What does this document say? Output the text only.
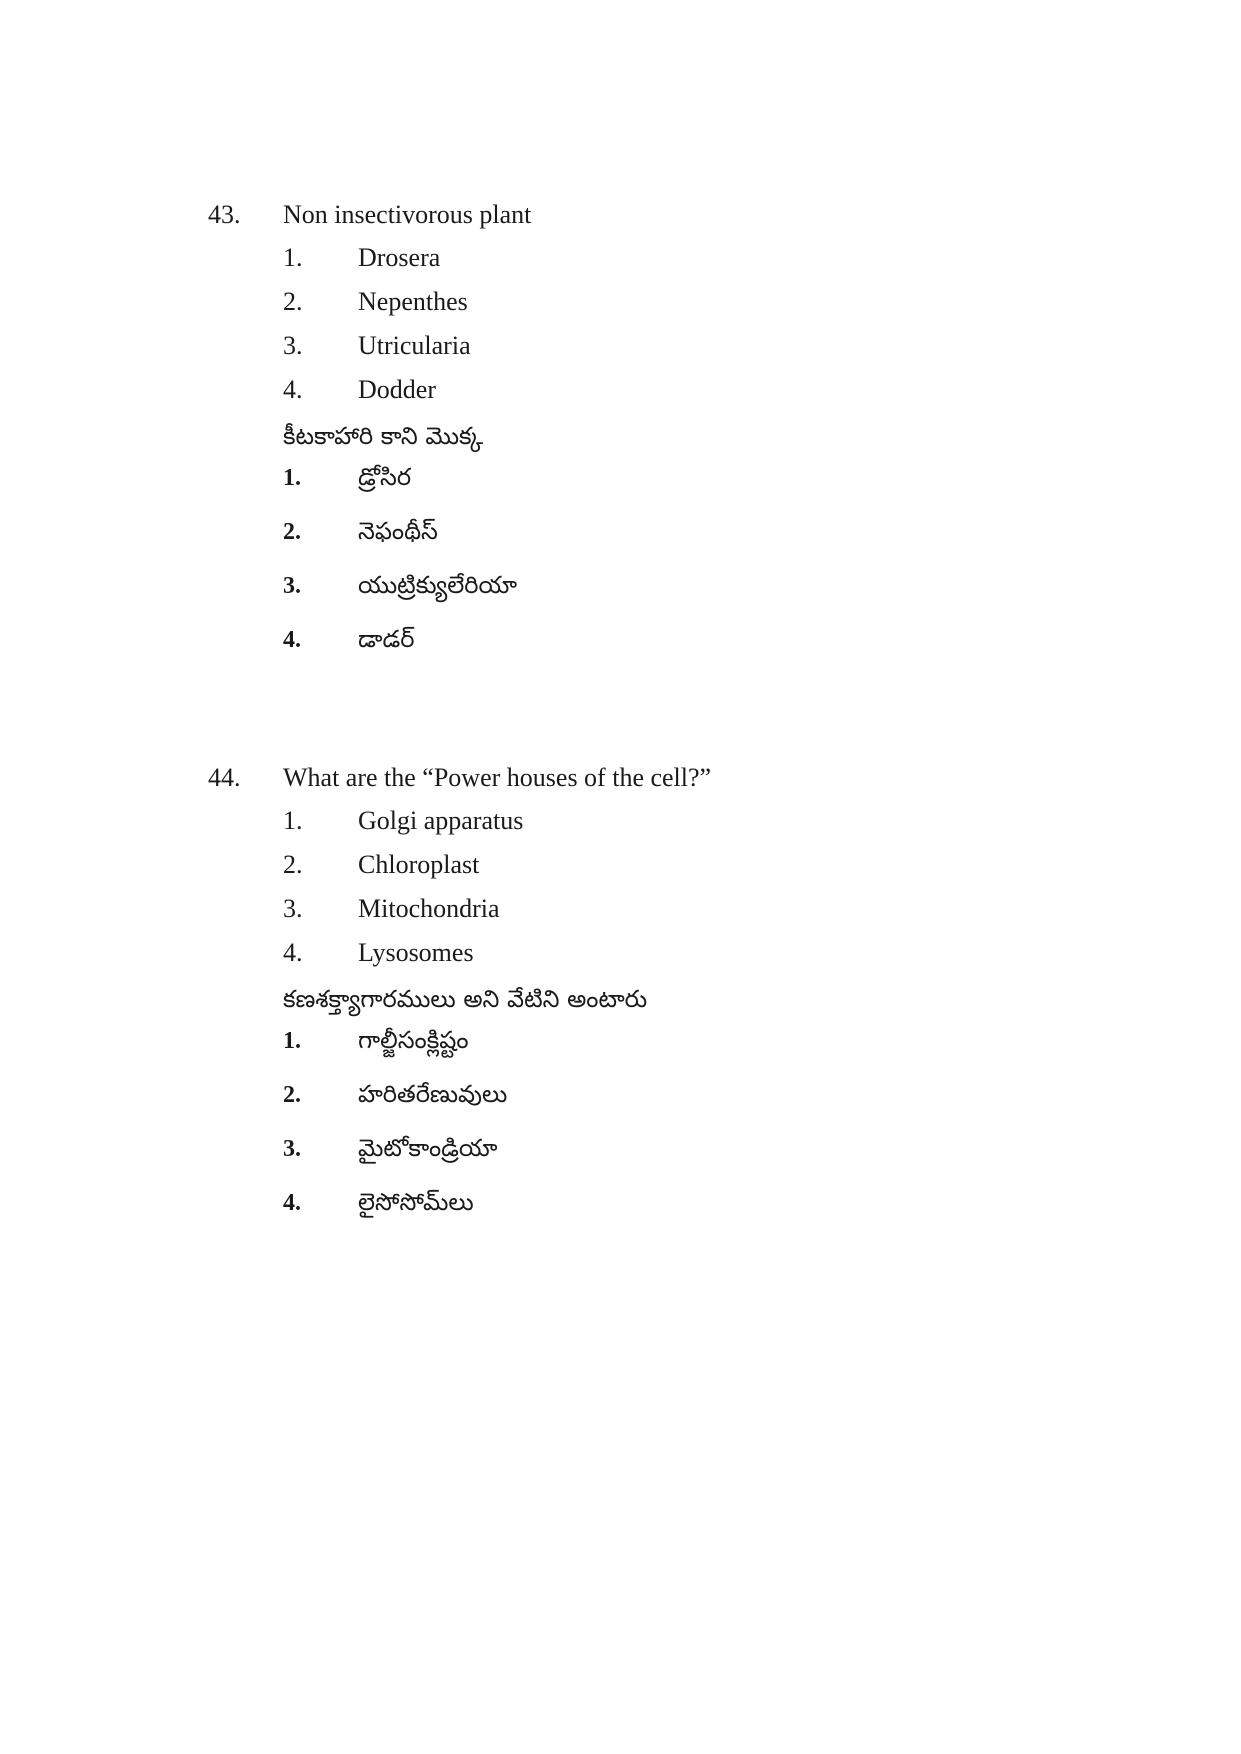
43.	Non insectivorous plant
1.	Drosera
2.	Nepenthes
3.	Utricularia
4.	Dodder
కీటకాహారి కాని మొక్క
1.	డ్రోసిర
2.	నెఫంథీస్
3.	యుట్రిక్యులేరియా
4.	డాడర్
44.	What are the “Power houses of the cell?”
1.	Golgi apparatus
2.	Chloroplast
3.	Mitochondria
4.	Lysosomes
కణశక్త్యాగారములు అని వేటిని అంటారు
1.	గాల్జీసంక్లిష్టం
2.	హరితరేణువులు
3.	మైటోకాండ్రియా
4.	లైసోసోమ్‌లు
